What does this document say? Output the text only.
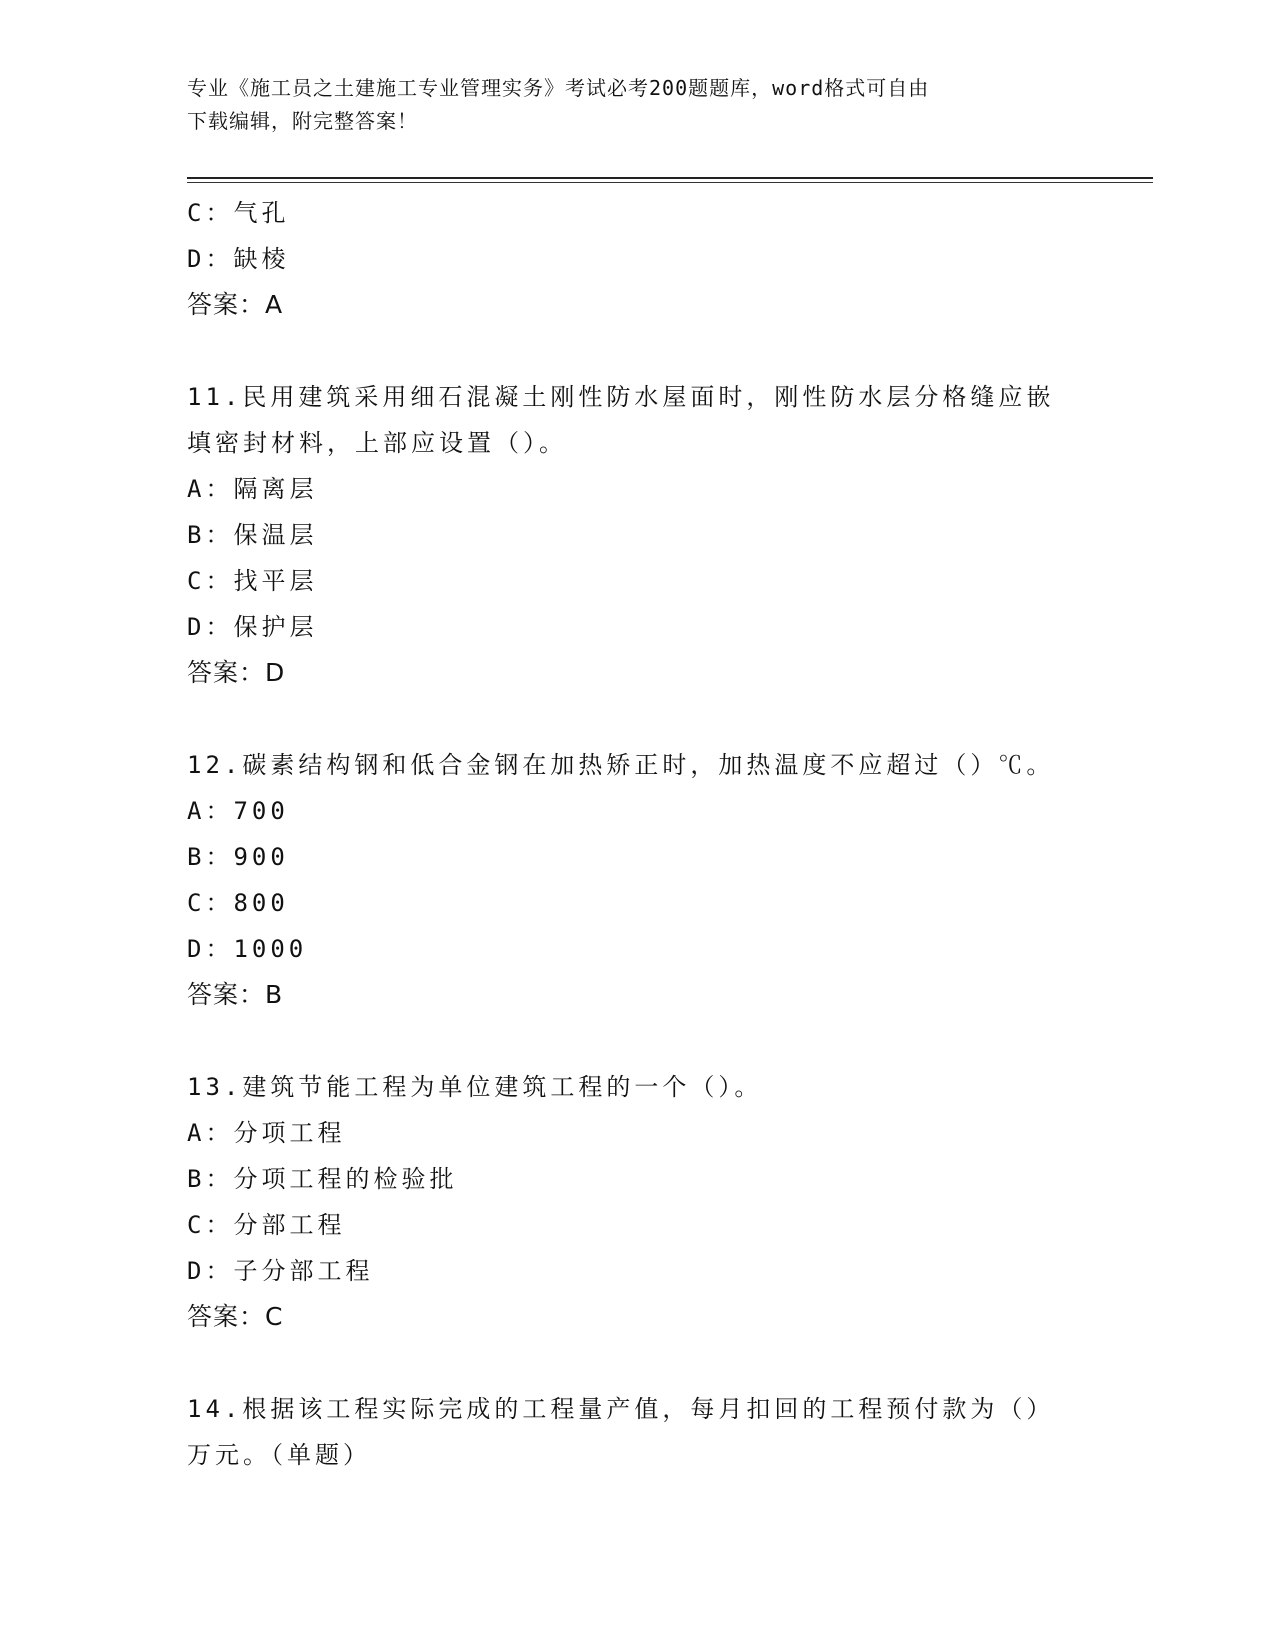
专业《施工员之土建施工专业管理实务》考试必考200题题库，word格式可自由
下载编辑，附完整答案！
C：气孔
D：缺棱
答案：A
11.民用建筑采用细石混凝土刚性防水屋面时，刚性防水层分格缝应嵌
填密封材料，上部应设置（）。
A：隔离层
B：保温层
C：找平层
D：保护层
答案：D
12.碳素结构钢和低合金钢在加热矫正时，加热温度不应超过（）℃。
A：700
B：900
C：800
D：1000
答案：B
13.建筑节能工程为单位建筑工程的一个（）。
A：分项工程
B：分项工程的检验批
C：分部工程
D：子分部工程
答案：C
14.根据该工程实际完成的工程量产值，每月扣回的工程预付款为（）
万元。（单题）
